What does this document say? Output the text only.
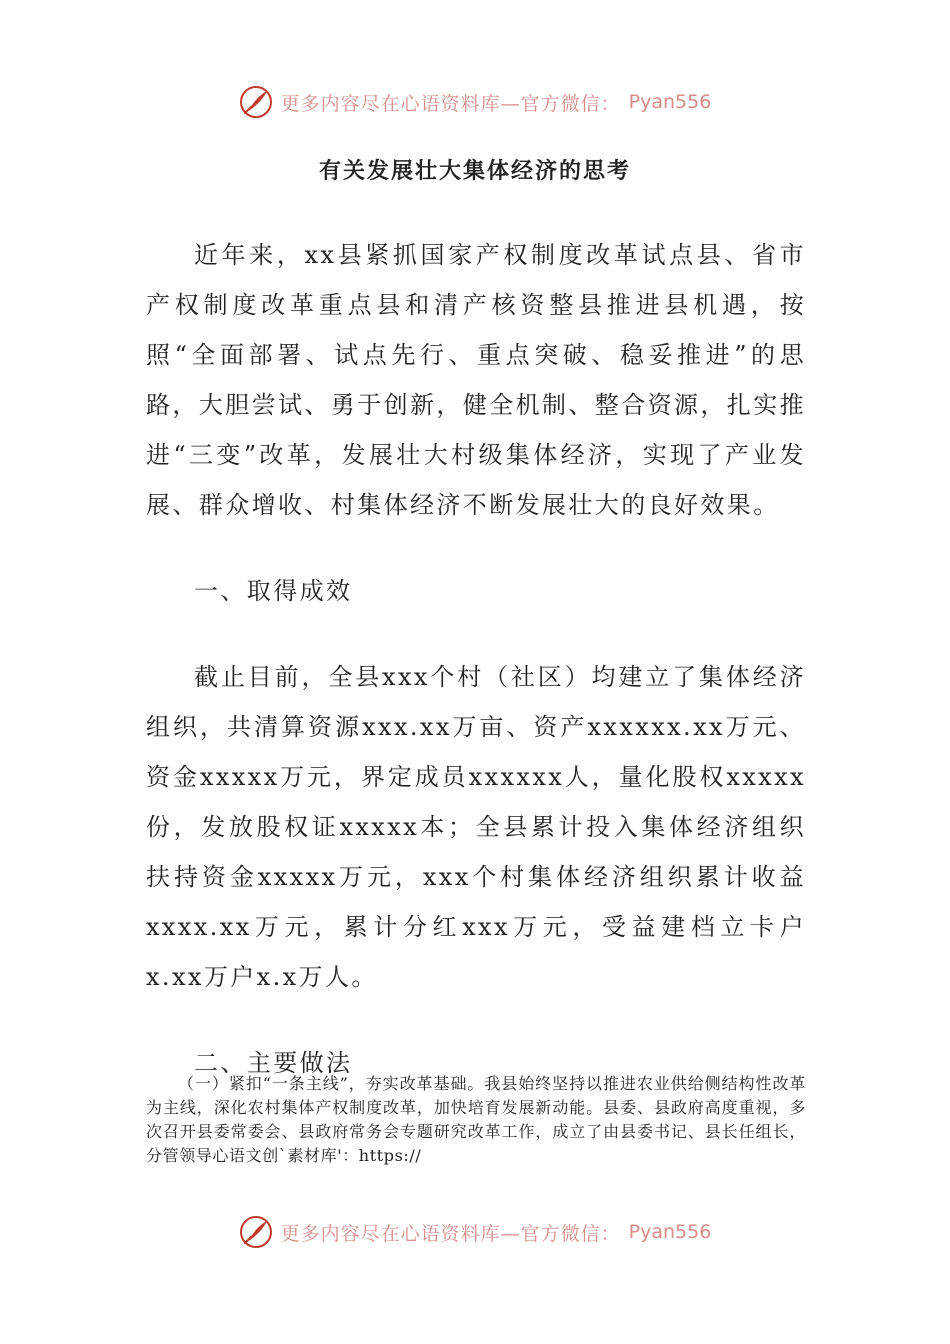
更多内容尽在心语资料库—官方微信： Pyan556
有关发展壮大集体经济的思考

近年来，xx县紧抓国家产权制度改革试点县、省市产权制度改革重点县和清产核资整县推进县机遇，按照“全面部署、试点先行、重点突破、稳妥推进”的思路，大胆尝试、勇于创新，健全机制、整合资源，扎实推进“三变”改革，发展壮大村级集体经济，实现了产业发展、群众增收、村集体经济不断发展壮大的良好效果。

一、取得成效

截止目前，全县xxx个村（社区）均建立了集体经济组织，共清算资源xxx.xx万亩、资产xxxxxx.xx万元、资金xxxxx万元，界定成员xxxxxx人，量化股权xxxxx份，发放股权证xxxxx本；全县累计投入集体经济组织扶持资金xxxxx万元，xxx个村集体经济组织累计收益xxxx.xx万元，累计分红xxx万元，受益建档立卡户x.xx万户x.x万人。

二、主要做法

（一）紧扣“一条主线”，夯实改革基础。我县始终坚持以推进农业供给侧结构性改革为主线，深化农村集体产权制度改革，加快培育发展新动能。县委、县政府高度重视，多次召开县委常委会、县政府常务会专题研究改革工作，成立了由县委书记、县长任组长，分管领导心语文创`素材库'：https://

更多内容尽在心语资料库—官方微信： Pyan556
